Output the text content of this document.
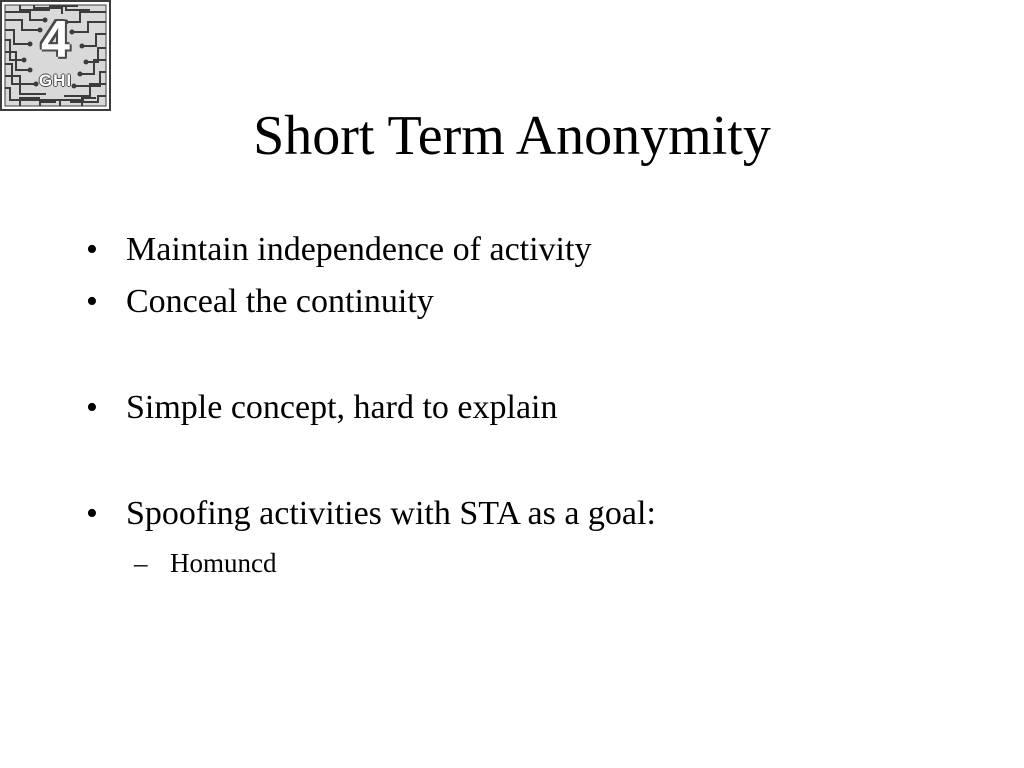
4
GHI
Short Term Anonymity
• Maintain independence of activity
• Conceal the continuity
• Simple concept, hard to explain
• Spoofing activities with STA as a goal:
– Homuncd
